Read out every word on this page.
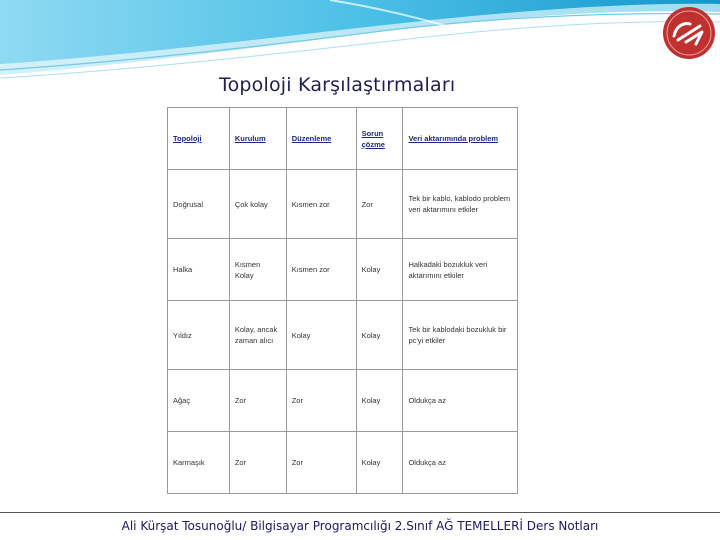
Topoloji Karşılaştırmaları
Topoloji	Kurulum	Düzenleme	Sorun çözme	Veri aktarımında problem
Doğrusal	Çok kolay	Kısmen zor	Zor	Tek bir kablo, kablodo problem veri aktarımını etkiler
Halka	Kısmen Kolay	Kısmen zor	Kolay	Halkadaki bozukluk veri aktarımını etkiler
Yıldız	Kolay, ancak zaman alıcı	Kolay	Kolay	Tek bir kablodaki bozukluk bir pc'yi etkiler
Ağaç	Zor	Zor	Kolay	Oldukça az
Karmaşık	Zor	Zor	Kolay	Oldukça az
Ali Kürşat Tosunoğlu/ Bilgisayar Programcılığı 2.Sınıf AĞ TEMELLERİ Ders Notları
